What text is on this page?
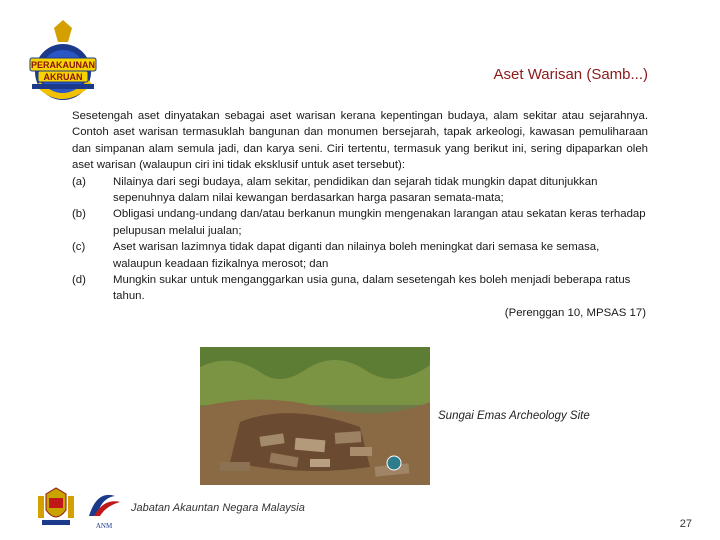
PERAKAUNAN
AKRUAN	Aset Warisan (Samb...)

Sesetengah aset dinyatakan sebagai aset warisan kerana kepentingan budaya, alam sekitar atau sejarahnya. Contoh aset warisan termasuklah bangunan dan monumen bersejarah, tapak arkeologi, kawasan pemuliharaan dan simpanan alam semula jadi, dan karya seni. Ciri tertentu, termasuk yang berikut ini, sering dipaparkan oleh aset warisan (walaupun ciri ini tidak eksklusif untuk aset tersebut):

(a)	Nilainya dari segi budaya, alam sekitar, pendidikan dan sejarah tidak mungkin dapat ditunjukkan sepenuhnya dalam nilai kewangan berdasarkan harga pasaran semata-mata;
(b)	Obligasi undang-undang dan/atau berkanun mungkin mengenakan larangan atau sekatan keras terhadap pelupusan melalui jualan;
(c)	Aset warisan lazimnya tidak dapat diganti dan nilainya boleh meningkat dari semasa ke semasa, walaupun keadaan fizikalnya merosot; dan
(d)	Mungkin sukar untuk menganggarkan usia guna, dalam sesetengah kes boleh menjadi beberapa ratus tahun.

(Perenggan 10, MPSAS 17)

Sungai Emas Archeology Site
ANM
Jabatan Akauntan Negara Malaysia
27
